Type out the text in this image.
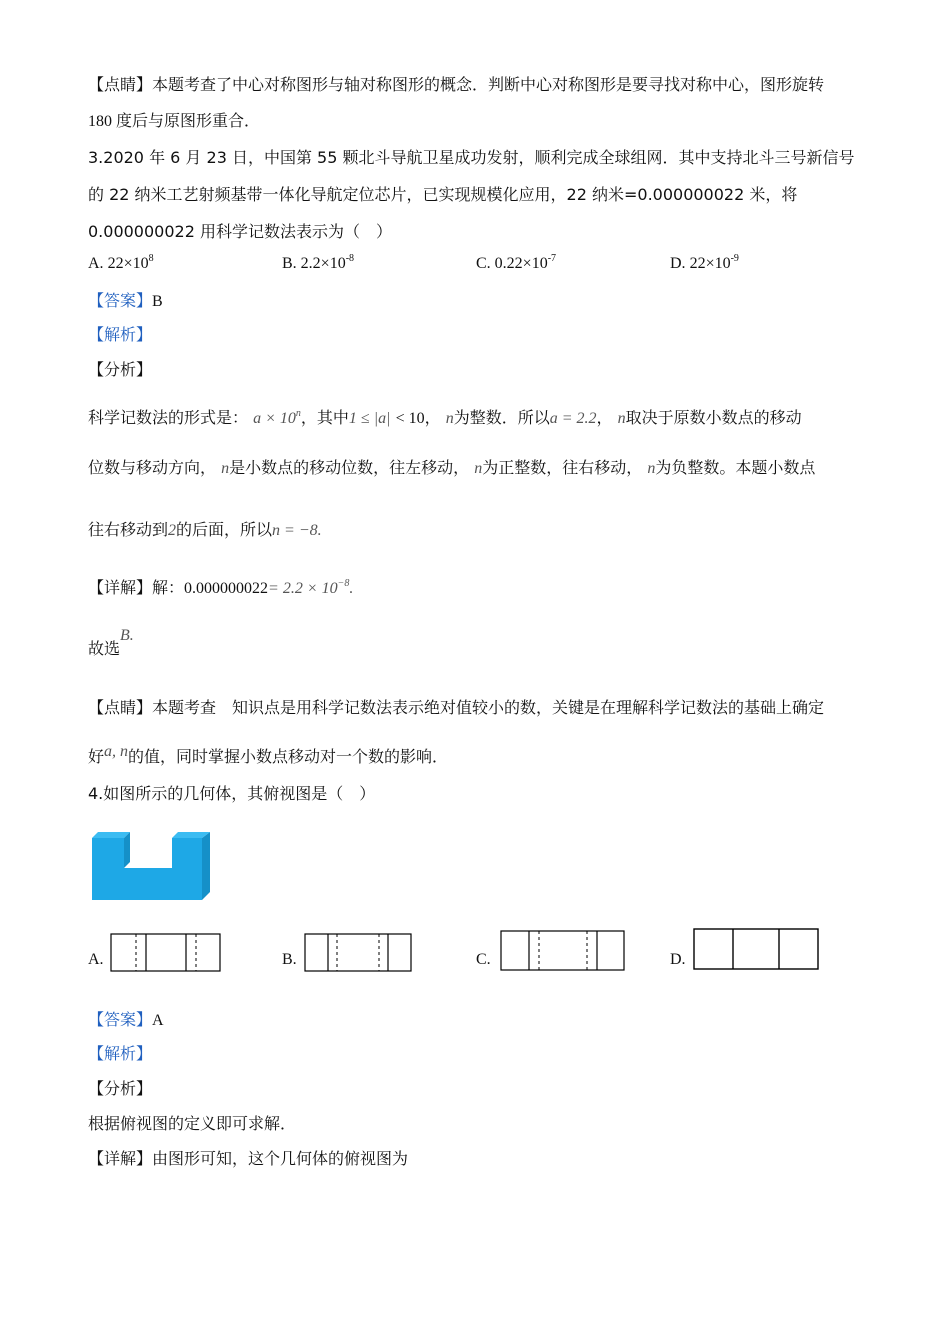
【点睛】本题考查了中心对称图形与轴对称图形的概念．判断中心对称图形是要寻找对称中心，图形旋转
180 度后与原图形重合．
3.2020 年 6 月 23 日，中国第 55 颗北斗导航卫星成功发射，顺利完成全球组网．其中支持北斗三号新信号
的 22 纳米工艺射频基带一体化导航定位芯片，已实现规模化应用，22 纳米=0.000000022 米，将
0.000000022 用科学记数法表示为（　）
A. $22\times 10^8$	B. $2.2\times 10^{-8}$	C. $0.22\times 10^{-7}$	D. $22\times 10^{-9}$
【答案】B
【解析】
【分析】
科学记数法的形式是： $a \times 10^n$，其中1 ≤ |a| < 10， n为整数．所以a = 2.2， n取决于原数小数点的移动
位数与移动方向， n是小数点的移动位数，往左移动， n为正整数，往右移动， n为负整数。本题小数点
往右移动到2的后面，所以n = −8.
【详解】解：$0.000000022= 2.2 \times 10^{-8}$.
故选B.
【点睛】本题考查　知识点是用科学记数法表示绝对值较小的数，关键是在理解科学记数法的基础上确定
好a, n的值，同时掌握小数点移动对一个数的影响．
4.如图所示的几何体，其俯视图是（　）
A.	B.	C.	D.
【答案】A
【解析】
【分析】
根据俯视图的定义即可求解．
【详解】由图形可知，这个几何体的俯视图为
